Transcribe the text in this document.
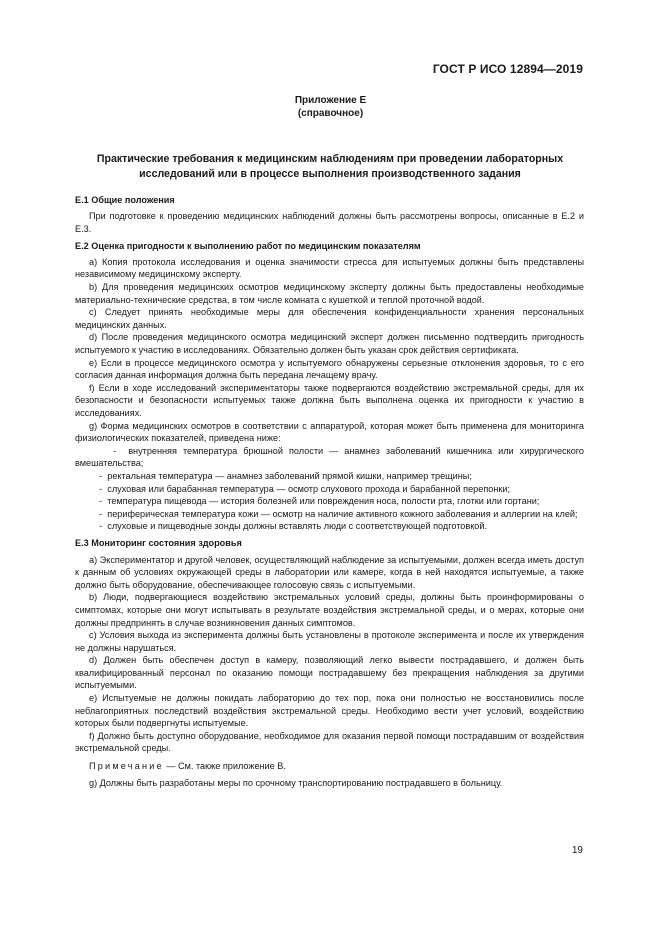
ГОСТ Р ИСО 12894—2019
Приложение Е
(справочное)
Практические требования к медицинским наблюдениям при проведении лабораторных исследований или в процессе выполнения производственного задания
Е.1 Общие положения
При подготовке к проведению медицинских наблюдений должны быть рассмотрены вопросы, описанные в Е.2 и Е.3.
Е.2 Оценка пригодности к выполнению работ по медицинским показателям
a) Копия протокола исследования и оценка значимости стресса для испытуемых должны быть представлены независимому медицинскому эксперту.
b) Для проведения медицинских осмотров медицинскому эксперту должны быть предоставлены необходимые материально-технические средства, в том числе комната с кушеткой и теплой проточной водой.
c) Следует принять необходимые меры для обеспечения конфиденциальности хранения персональных медицинских данных.
d) После проведения медицинского осмотра медицинский эксперт должен письменно подтвердить пригодность испытуемого к участию в исследованиях. Обязательно должен быть указан срок действия сертификата.
e) Если в процессе медицинского осмотра у испытуемого обнаружены серьезные отклонения здоровья, то с его согласия данная информация должна быть передана лечащему врачу.
f) Если в ходе исследований экспериментаторы также подвергаются воздействию экстремальной среды, для их безопасности и безопасности испытуемых также должна быть выполнена оценка их пригодности к участию в исследованиях.
g) Форма медицинских осмотров в соответствии с аппаратурой, которая может быть применена для мониторинга физиологических показателей, приведена ниже:
-  внутренняя температура брюшной полости — анамнез заболеваний кишечника или хирургического вмешательства;
-  ректальная температура — анамнез заболеваний прямой кишки, например трещины;
-  слуховая или барабанная температура — осмотр слухового прохода и барабанной перепонки;
-  температура пищевода — история болезней или повреждения носа, полости рта, глотки или гортани;
-  периферическая температура кожи — осмотр на наличие активного кожного заболевания и аллергии на клей;
-  слуховые и пищеводные зонды должны вставлять люди с соответствующей подготовкой.
Е.3 Мониторинг состояния здоровья
a) Экспериментатор и другой человек, осуществляющий наблюдение за испытуемыми, должен всегда иметь доступ к данным об условиях окружающей среды в лаборатории или камере, когда в ней находятся испытуемые, а также должно быть оборудование, обеспечивающее голосовую связь с испытуемыми.
b) Люди, подвергающиеся воздействию экстремальных условий среды, должны быть проинформированы о симптомах, которые они могут испытывать в результате воздействия экстремальной среды, и о мерах, которые они должны предпринять в случае возникновения данных симптомов.
c) Условия выхода из эксперимента должны быть установлены в протоколе эксперимента и после их утверждения не должны нарушаться.
d) Должен быть обеспечен доступ в камеру, позволяющий легко вывести пострадавшего, и должен быть квалифицированный персонал по оказанию помощи пострадавшему без прекращения наблюдения за другими испытуемыми.
e) Испытуемые не должны покидать лабораторию до тех пор, пока они полностью не восстановились после неблагоприятных последствий воздействия экстремальной среды. Необходимо вести учет условий, воздействию которых были подвергнуты испытуемые.
f) Должно быть доступно оборудование, необходимое для оказания первой помощи пострадавшим от воздействия экстремальной среды.
Примечание — См. также приложение В.
g) Должны быть разработаны меры по срочному транспортированию пострадавшего в больницу.
19
